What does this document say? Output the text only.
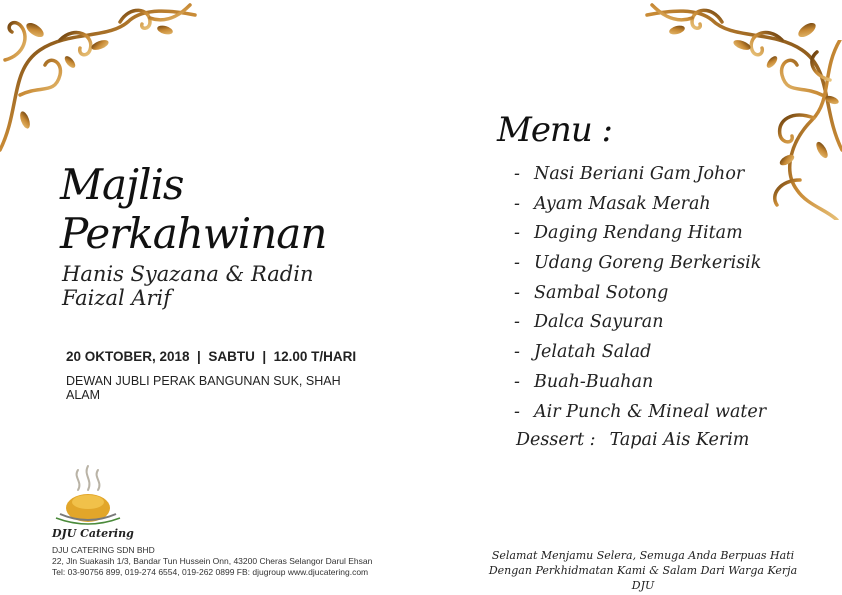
Majlis Perkahwinan
Hanis Syazana & Radin Faizal Arif
20 OKTOBER, 2018  |  SABTU  |  12.00 T/HARI
DEWAN JUBLI PERAK BANGUNAN SUK, SHAH ALAM
Menu :
- Nasi Beriani Gam Johor
- Ayam Masak Merah
- Daging Rendang Hitam
- Udang Goreng Berkerisik
- Sambal Sotong
- Dalca Sayuran
- Jelatah Salad
- Buah-Buahan
- Air Punch & Mineal water
Dessert : Tapai Ais Kerim
Selamat Menjamu Selera, Semuga Anda Berpuas Hati
Dengan Perkhidmatan Kami & Salam Dari Warga Kerja DJU
DJU Catering
DJU CATERING SDN BHD
22, Jln Suakasih 1/3, Bandar Tun Hussein Onn, 43200 Cheras Selangor Darul Ehsan
Tel: 03-90756 899, 019-274 6554, 019-262 0899 FB: djugroup www.djucatering.com
